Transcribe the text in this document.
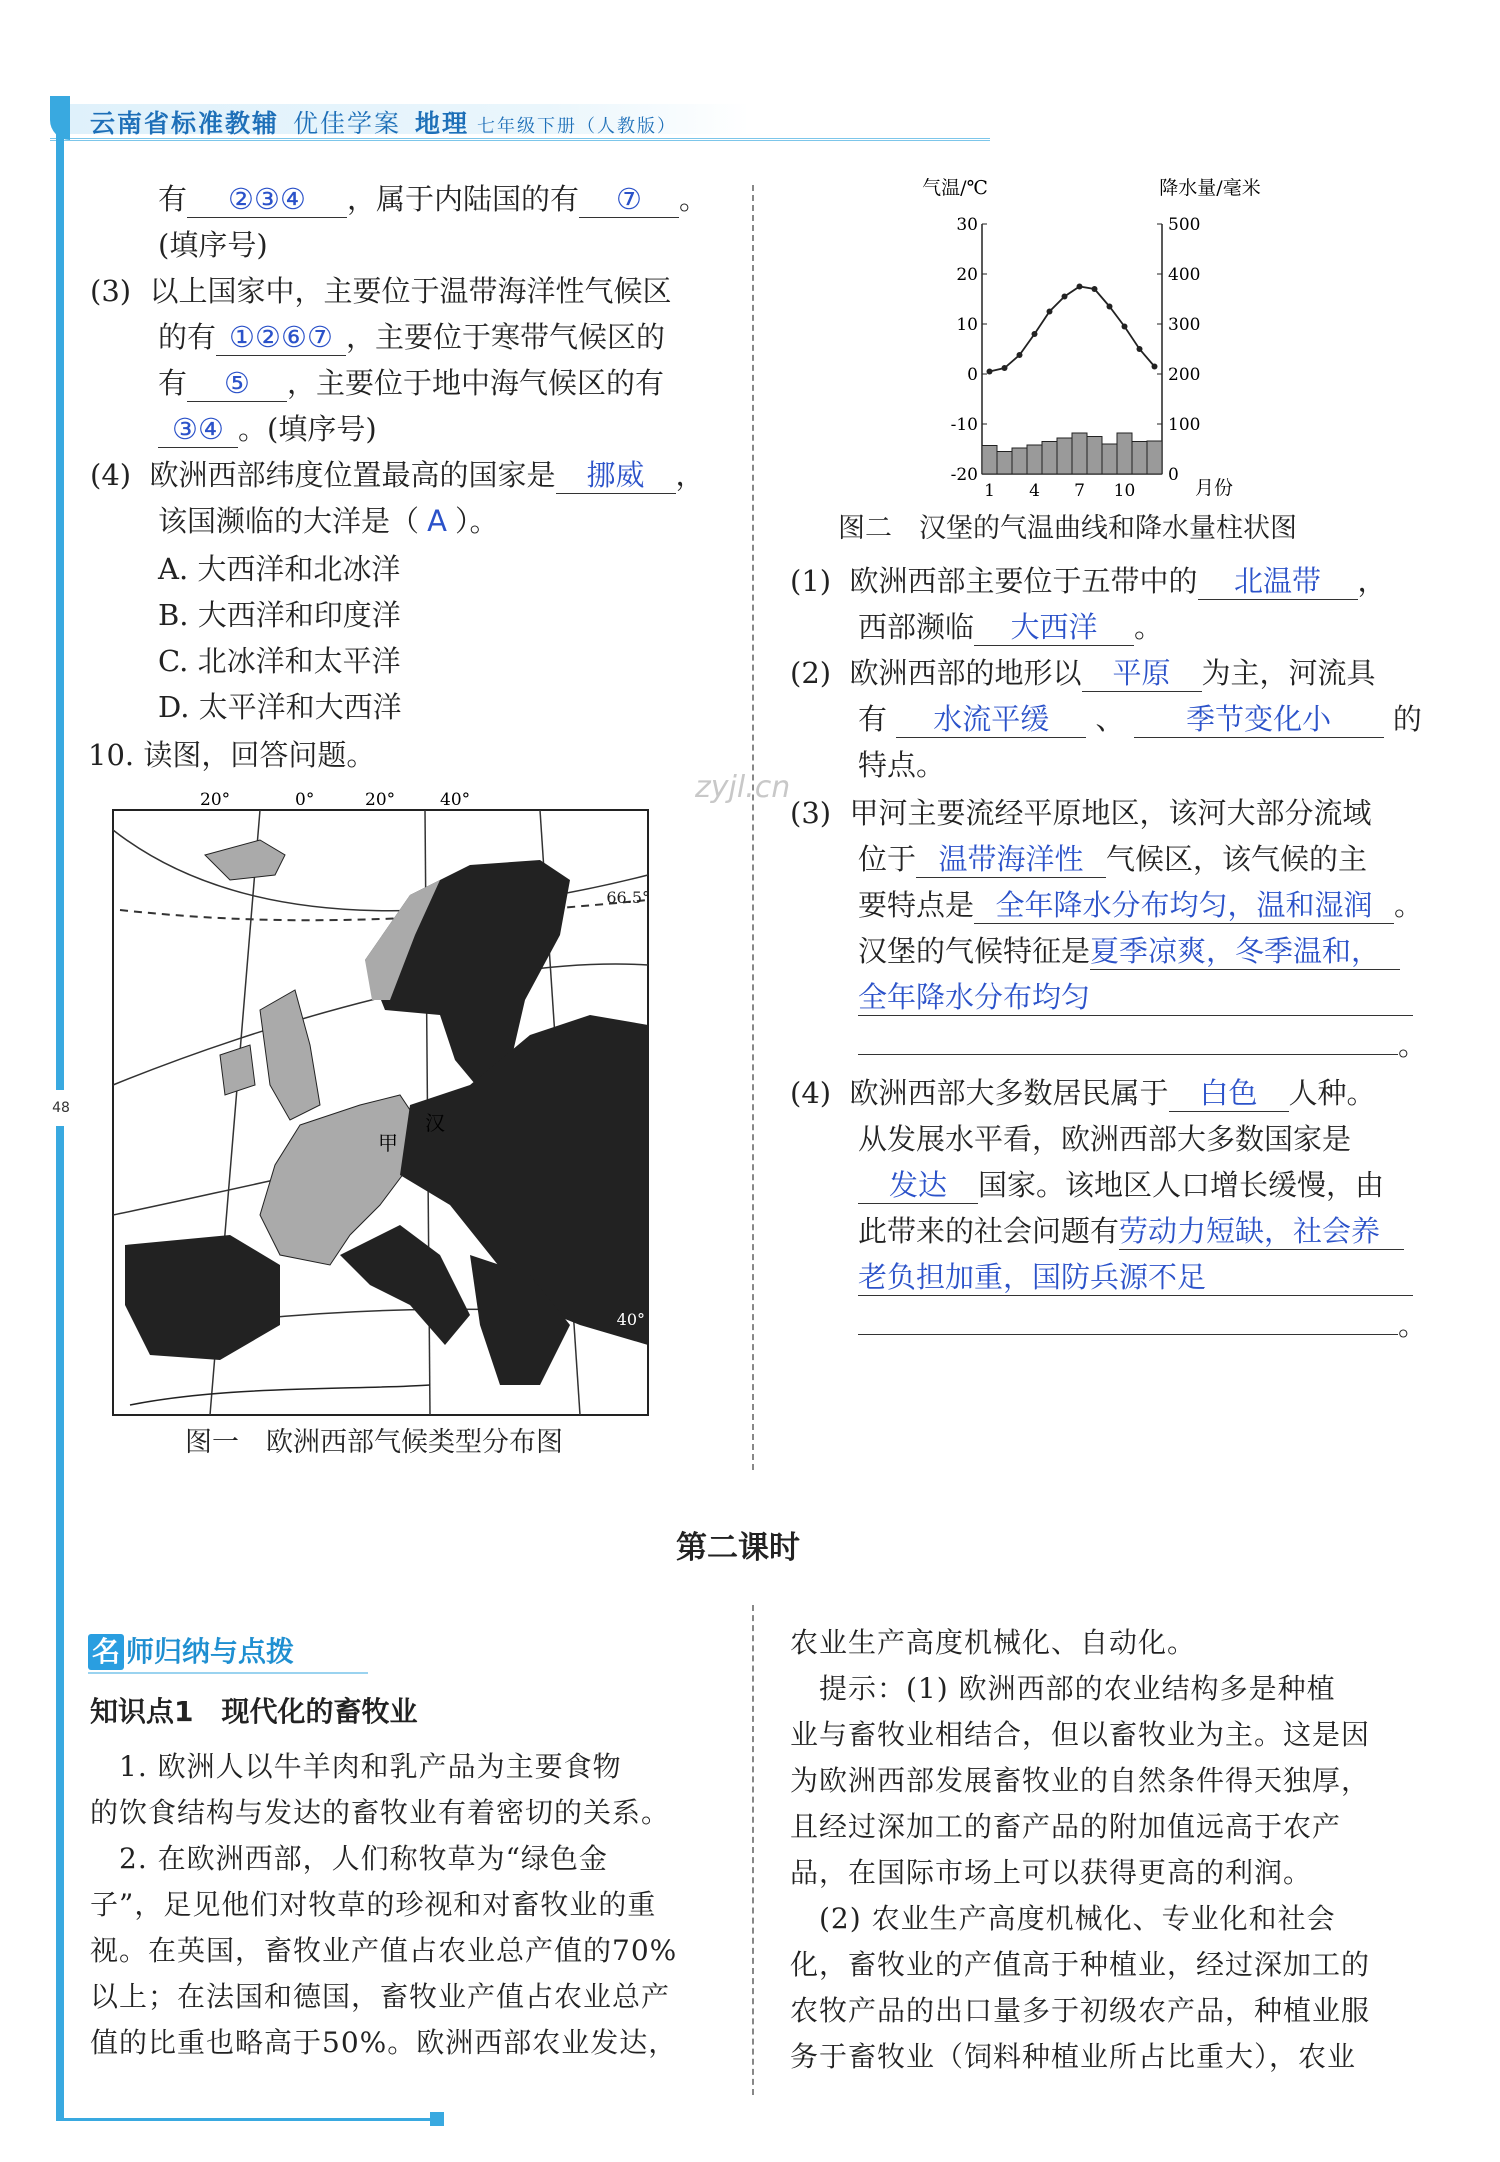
云南省标准教辅 优佳学案 地理 七年级下册（人教版）
48
有 ②③④ ，属于内陆国的有 ⑦ 。
(填序号)
(3) 以上国家中，主要位于温带海洋性气候区
的有 ①②⑥⑦ ，主要位于寒带气候区的
有 ⑤ ，主要位于地中海气候区的有
③④ 。(填序号)
(4) 欧洲西部纬度位置最高的国家是 挪威 ，
该国濒临的大洋是（ A ）。
A. 大西洋和北冰洋
B. 大西洋和印度洋
C. 北冰洋和太平洋
D. 太平洋和大西洋
10. 读图，回答问题。
zyjl.cn
20°	0°	20°	40°
66.5°
60°
40°
甲
汉
图一　欧洲西部气候类型分布图
气温/℃	降水量/毫米
月份
30
20
10
0
-10
-20
500
400
300
200
100
0
1 4 7 10
图二　汉堡的气温曲线和降水量柱状图
(1) 欧洲西部主要位于五带中的 北温带 ，
西部濒临 大西洋 。
(2) 欧洲西部的地形以 平原 为主，河流具
有 水流平缓 、 季节变化小 的
特点。
(3) 甲河主要流经平原地区，该河大部分流域
位于 温带海洋性 气候区，该气候的主
要特点是 全年降水分布均匀，温和湿润 。
汉堡的气候特征是夏季凉爽，冬季温和，
全年降水分布均匀
。
(4) 欧洲西部大多数居民属于 白色 人种。
从发展水平看，欧洲西部大多数国家是
发达 国家。该地区人口增长缓慢，由
此带来的社会问题有劳动力短缺，社会养
老负担加重，国防兵源不足
。
第二课时
名 师归纳与点拨
知识点1　现代化的畜牧业
　1. 欧洲人以牛羊肉和乳产品为主要食物
的饮食结构与发达的畜牧业有着密切的关系。
　2. 在欧洲西部，人们称牧草为“绿色金
子”，足见他们对牧草的珍视和对畜牧业的重
视。在英国，畜牧业产值占农业总产值的70%
以上；在法国和德国，畜牧业产值占农业总产
值的比重也略高于50%。欧洲西部农业发达，
农业生产高度机械化、自动化。
　提示：(1) 欧洲西部的农业结构多是种植
业与畜牧业相结合，但以畜牧业为主。这是因
为欧洲西部发展畜牧业的自然条件得天独厚，
且经过深加工的畜产品的附加值远高于农产
品，在国际市场上可以获得更高的利润。
　(2) 农业生产高度机械化、专业化和社会
化，畜牧业的产值高于种植业，经过深加工的
农牧产品的出口量多于初级农产品，种植业服
务于畜牧业（饲料种植业所占比重大），农业
